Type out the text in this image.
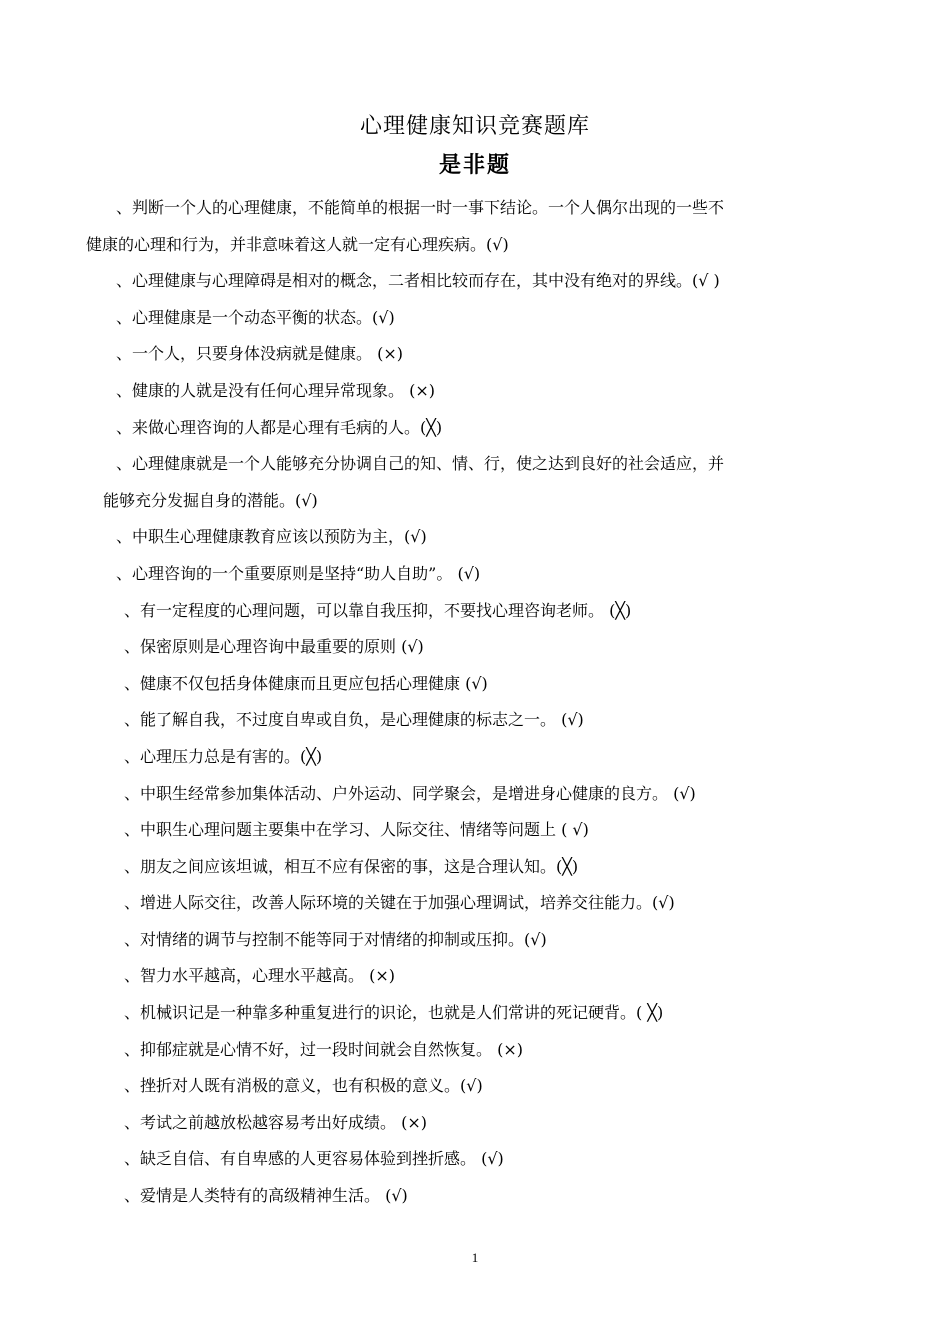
心理健康知识竞赛题库
是非题
、判断一个人的心理健康，不能简单的根据一时一事下结论。一个人偶尔出现的一些不
健康的心理和行为，并非意味着这人就一定有心理疾病。(√)
、心理健康与心理障碍是相对的概念，二者相比较而存在，其中没有绝对的界线。(√ )
、心理健康是一个动态平衡的状态。(√)
、一个人，只要身体没病就是健康。 (×)
、健康的人就是没有任何心理异常现象。 (×)
、来做心理咨询的人都是心理有毛病的人。(╳)
、心理健康就是一个人能够充分协调自己的知、情、行，使之达到良好的社会适应，并
能够充分发掘自身的潜能。(√)
、中职生心理健康教育应该以预防为主，(√)
、心理咨询的一个重要原则是坚持“助人自助”。 (√)
、有一定程度的心理问题，可以靠自我压抑，不要找心理咨询老师。 (╳)
、保密原则是心理咨询中最重要的原则 (√)
、健康不仅包括身体健康而且更应包括心理健康 (√)
、能了解自我，不过度自卑或自负，是心理健康的标志之一。 (√)
、心理压力总是有害的。(╳)
、中职生经常参加集体活动、户外运动、同学聚会，是增进身心健康的良方。 (√)
、中职生心理问题主要集中在学习、人际交往、情绪等问题上 ( √)
、朋友之间应该坦诚，相互不应有保密的事，这是合理认知。(╳)
、增进人际交往，改善人际环境的关键在于加强心理调试，培养交往能力。(√)
、对情绪的调节与控制不能等同于对情绪的抑制或压抑。(√)
、智力水平越高，心理水平越高。 (×)
、机械识记是一种靠多种重复进行的识论，也就是人们常讲的死记硬背。( ╳)
、抑郁症就是心情不好，过一段时间就会自然恢复。 (×)
、挫折对人既有消极的意义，也有积极的意义。(√)
、考试之前越放松越容易考出好成绩。 (×)
、缺乏自信、有自卑感的人更容易体验到挫折感。 (√)
、爱情是人类特有的高级精神生活。 (√)
1
